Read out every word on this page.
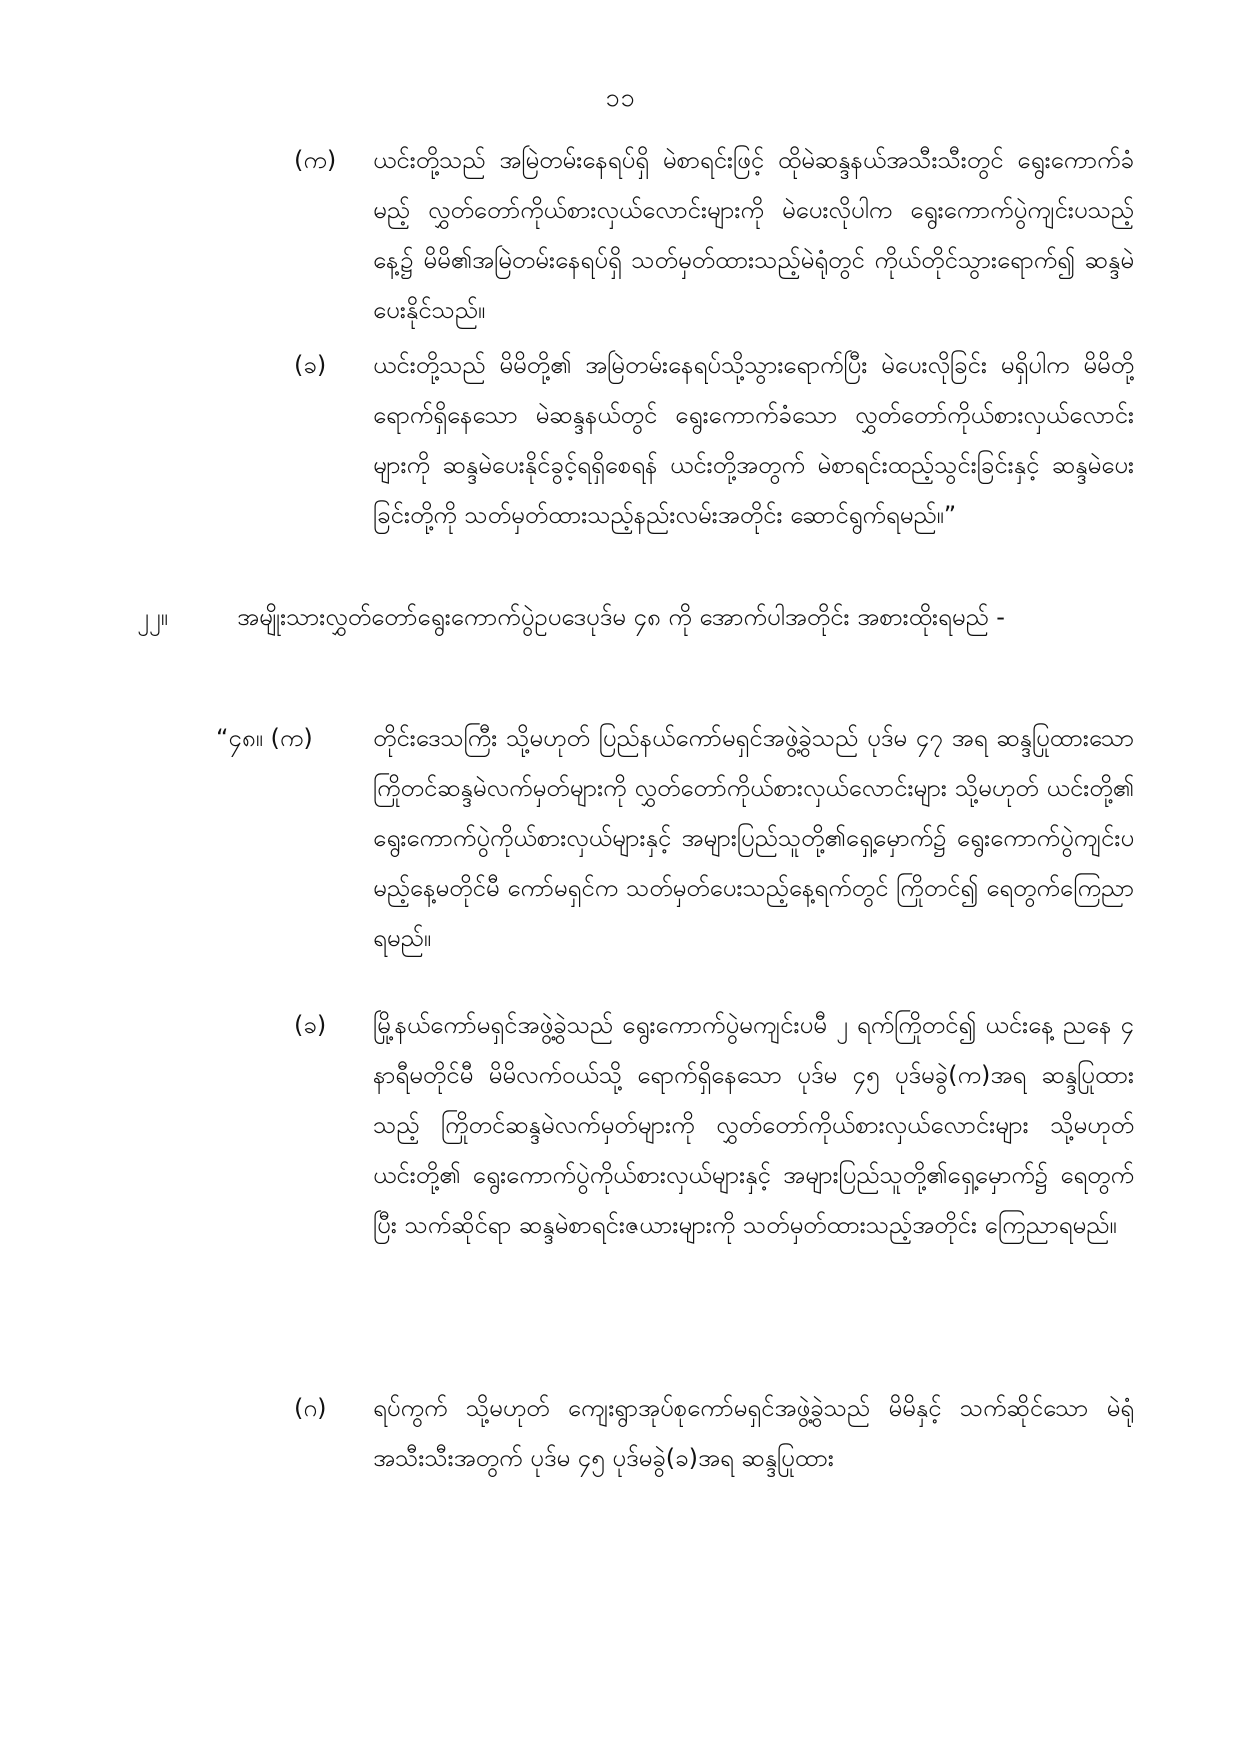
၁၁
(က)	ယင်းတို့သည် အမြဲတမ်းနေရပ်ရှိ မဲစာရင်းဖြင့် ထိုမဲဆန္ဒနယ်အသီးသီးတွင် ရွေးကောက်ခံမည့် လွှတ်တော်ကိုယ်စားလှယ်လောင်းများကို မဲပေးလိုပါက ရွေးကောက်ပွဲကျင်းပသည့်နေ့၌ မိမိ၏အမြဲတမ်းနေရပ်ရှိ သတ်မှတ်ထားသည့်မဲရုံတွင် ကိုယ်တိုင်သွားရောက်၍ ဆန္ဒမဲပေးနိုင်သည်။
(ခ)	ယင်းတို့သည် မိမိတို့၏ အမြဲတမ်းနေရပ်သို့သွားရောက်ပြီး မဲပေးလိုခြင်း မရှိပါက မိမိတို့ရောက်ရှိနေသော မဲဆန္ဒနယ်တွင် ရွေးကောက်ခံသော လွှတ်တော်ကိုယ်စားလှယ်လောင်းများကို ဆန္ဒမဲပေးနိုင်ခွင့်ရရှိစေရန် ယင်းတို့အတွက် မဲစာရင်းထည့်သွင်းခြင်းနှင့် ဆန္ဒမဲပေးခြင်းတို့ကို သတ်မှတ်ထားသည့်နည်းလမ်းအတိုင်း ဆောင်ရွက်ရမည်။”
၂၂။	အမျိုးသားလွှတ်တော်ရွေးကောက်ပွဲဥပဒေပုဒ်မ ၄၈ ကို အောက်ပါအတိုင်း အစားထိုးရမည် -
“၄၈။ (က)	တိုင်းဒေသကြီး သို့မဟုတ် ပြည်နယ်ကော်မရှင်အဖွဲ့ခွဲသည် ပုဒ်မ ၄၇ အရ ဆန္ဒပြုထားသော ကြိုတင်ဆန္ဒမဲလက်မှတ်များကို လွှတ်တော်ကိုယ်စားလှယ်လောင်းများ သို့မဟုတ် ယင်းတို့၏ ရွေးကောက်ပွဲကိုယ်စားလှယ်များနှင့် အများပြည်သူတို့၏ရှေ့မှောက်၌ ရွေးကောက်ပွဲကျင်းပမည့်နေ့မတိုင်မီ ကော်မရှင်က သတ်မှတ်ပေးသည့်နေ့ရက်တွင် ကြိုတင်၍ ရေတွက်ကြေညာရမည်။
(ခ)	မြို့နယ်ကော်မရှင်အဖွဲ့ခွဲသည် ရွေးကောက်ပွဲမကျင်းပမီ ၂ ရက်ကြိုတင်၍ ယင်းနေ့ ညနေ ၄ နာရီမတိုင်မီ မိမိလက်ဝယ်သို့ ရောက်ရှိနေသော ပုဒ်မ ၄၅ ပုဒ်မခွဲ(က)အရ ဆန္ဒပြုထားသည့် ကြိုတင်ဆန္ဒမဲလက်မှတ်များကို လွှတ်တော်ကိုယ်စားလှယ်လောင်းများ သို့မဟုတ် ယင်းတို့၏ ရွေးကောက်ပွဲကိုယ်စားလှယ်များနှင့် အများပြည်သူတို့၏ရှေ့မှောက်၌ ရေတွက်ပြီး သက်ဆိုင်ရာ ဆန္ဒမဲစာရင်းဇယားများကို သတ်မှတ်ထားသည့်အတိုင်း ကြေညာရမည်။
(ဂ)	ရပ်ကွက် သို့မဟုတ် ကျေးရွာအုပ်စုကော်မရှင်အဖွဲ့ခွဲသည် မိမိနှင့် သက်ဆိုင်သော မဲရုံအသီးသီးအတွက် ပုဒ်မ ၄၅ ပုဒ်မခွဲ(ခ)အရ ဆန္ဒပြုထား
